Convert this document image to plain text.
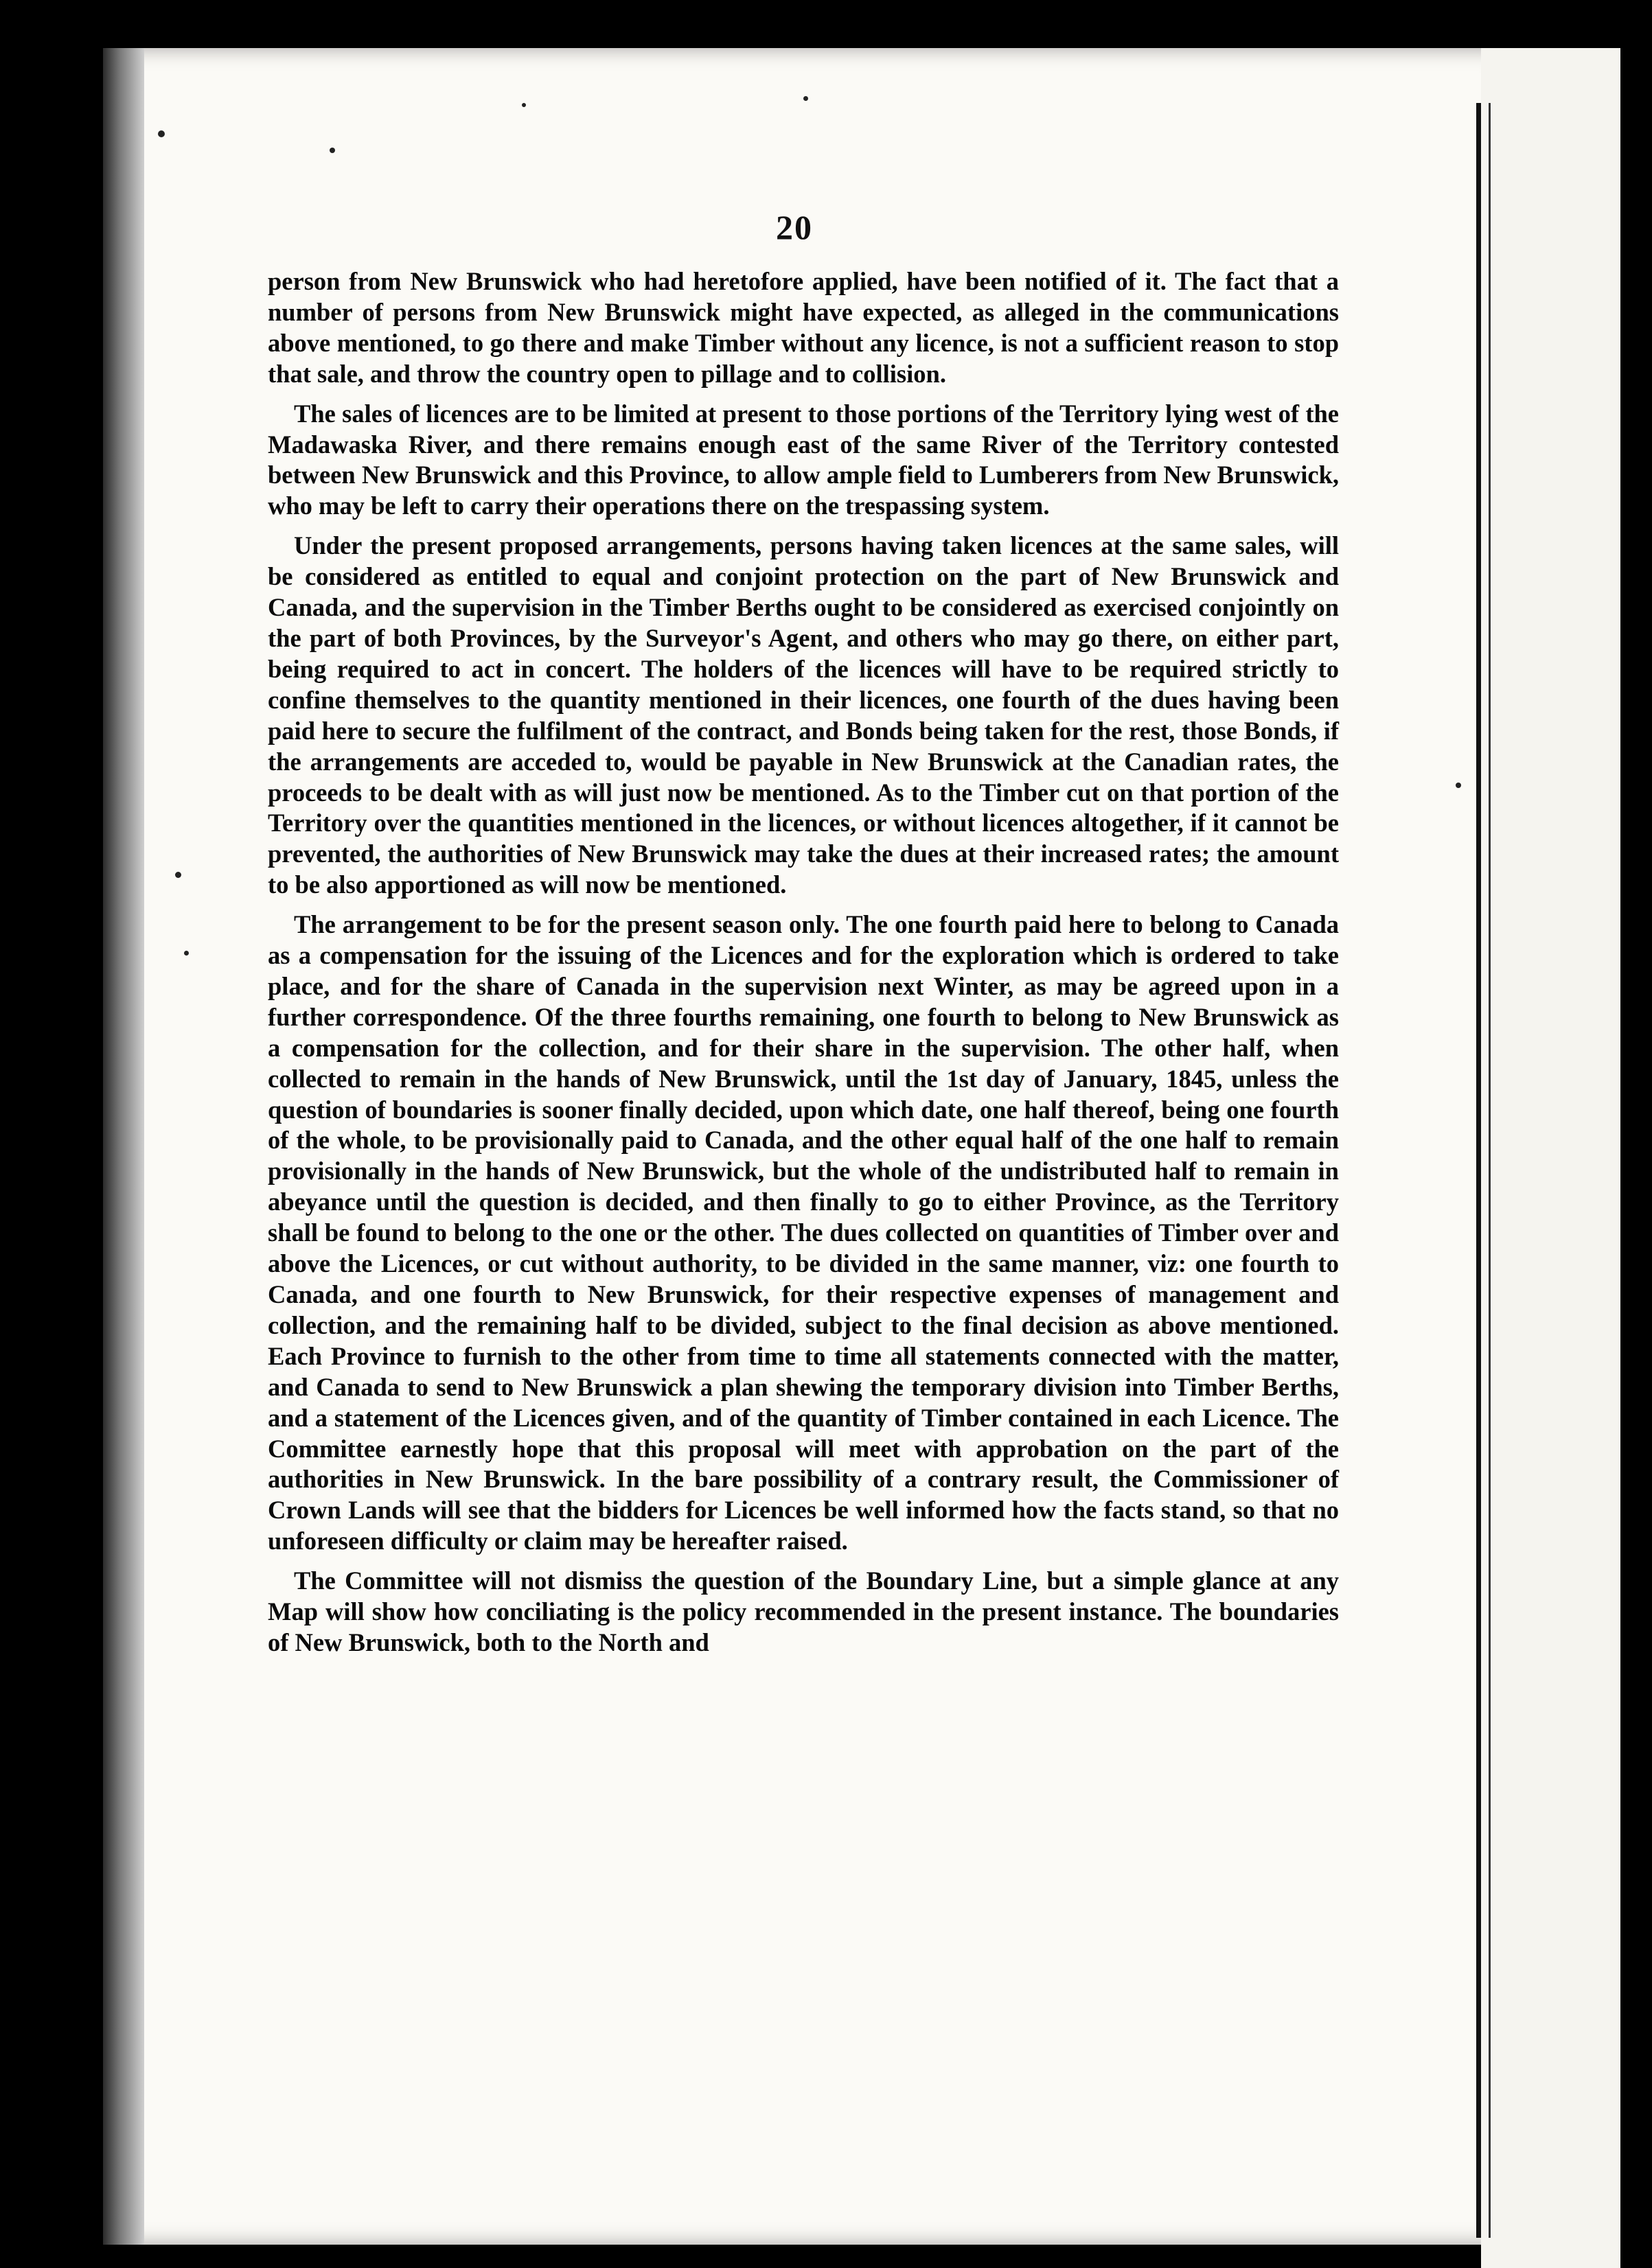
20

person from New Brunswick who had heretofore applied, have been notified of it. The fact that a number of persons from New Brunswick might have expected, as alleged in the communications above mentioned, to go there and make Timber without any licence, is not a sufficient reason to stop that sale, and throw the country open to pillage and to collision.

The sales of licences are to be limited at present to those portions of the Territory lying west of the Madawaska River, and there remains enough east of the same River of the Territory contested between New Brunswick and this Province, to allow ample field to Lumberers from New Brunswick, who may be left to carry their operations there on the trespassing system.

Under the present proposed arrangements, persons having taken licences at the same sales, will be considered as entitled to equal and conjoint protection on the part of New Brunswick and Canada, and the supervision in the Timber Berths ought to be considered as exercised conjointly on the part of both Provinces, by the Surveyor's Agent, and others who may go there, on either part, being required to act in concert. The holders of the licences will have to be required strictly to confine themselves to the quantity mentioned in their licences, one fourth of the dues having been paid here to secure the fulfilment of the contract, and Bonds being taken for the rest, those Bonds, if the arrangements are acceded to, would be payable in New Brunswick at the Canadian rates, the proceeds to be dealt with as will just now be mentioned. As to the Timber cut on that portion of the Territory over the quantities mentioned in the licences, or without licences altogether, if it cannot be prevented, the authorities of New Brunswick may take the dues at their increased rates; the amount to be also apportioned as will now be mentioned.

The arrangement to be for the present season only. The one fourth paid here to belong to Canada as a compensation for the issuing of the Licences and for the exploration which is ordered to take place, and for the share of Canada in the supervision next Winter, as may be agreed upon in a further correspondence. Of the three fourths remaining, one fourth to belong to New Brunswick as a compensation for the collection, and for their share in the supervision. The other half, when collected to remain in the hands of New Brunswick, until the 1st day of January, 1845, unless the question of boundaries is sooner finally decided, upon which date, one half thereof, being one fourth of the whole, to be provisionally paid to Canada, and the other equal half of the one half to remain provisionally in the hands of New Brunswick, but the whole of the undistributed half to remain in abeyance until the question is decided, and then finally to go to either Province, as the Territory shall be found to belong to the one or the other. The dues collected on quantities of Timber over and above the Licences, or cut without authority, to be divided in the same manner, viz: one fourth to Canada, and one fourth to New Brunswick, for their respective expenses of management and collection, and the remaining half to be divided, subject to the final decision as above mentioned. Each Province to furnish to the other from time to time all statements connected with the matter, and Canada to send to New Brunswick a plan shewing the temporary division into Timber Berths, and a statement of the Licences given, and of the quantity of Timber contained in each Licence. The Committee earnestly hope that this proposal will meet with approbation on the part of the authorities in New Brunswick. In the bare possibility of a contrary result, the Commissioner of Crown Lands will see that the bidders for Licences be well informed how the facts stand, so that no unforeseen difficulty or claim may be hereafter raised.

The Committee will not dismiss the question of the Boundary Line, but a simple glance at any Map will show how conciliating is the policy recommended in the present instance. The boundaries of New Brunswick, both to the North and
